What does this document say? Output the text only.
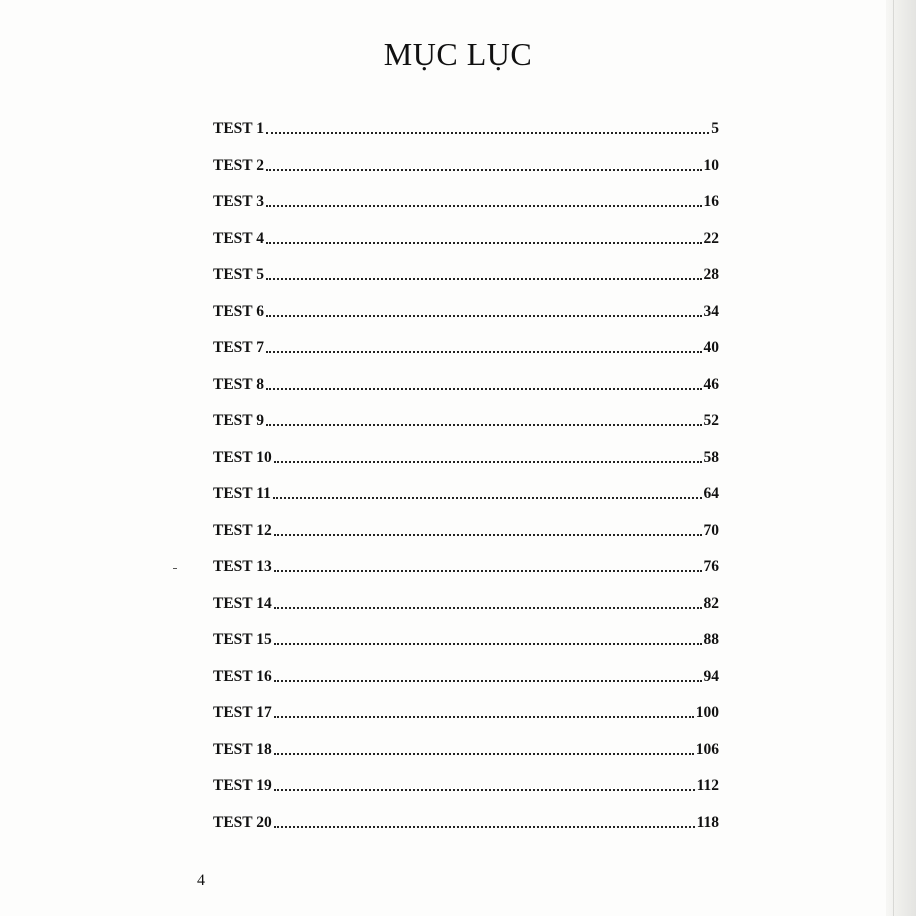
MỤC LỤC
TEST 1	5
TEST 2	10
TEST 3	16
TEST 4	22
TEST 5	28
TEST 6	34
TEST 7	40
TEST 8	46
TEST 9	52
TEST 10	58
TEST 11	64
TEST 12	70
TEST 13	76
TEST 14	82
TEST 15	88
TEST 16	94
TEST 17	100
TEST 18	106
TEST 19	112
TEST 20	118
4
